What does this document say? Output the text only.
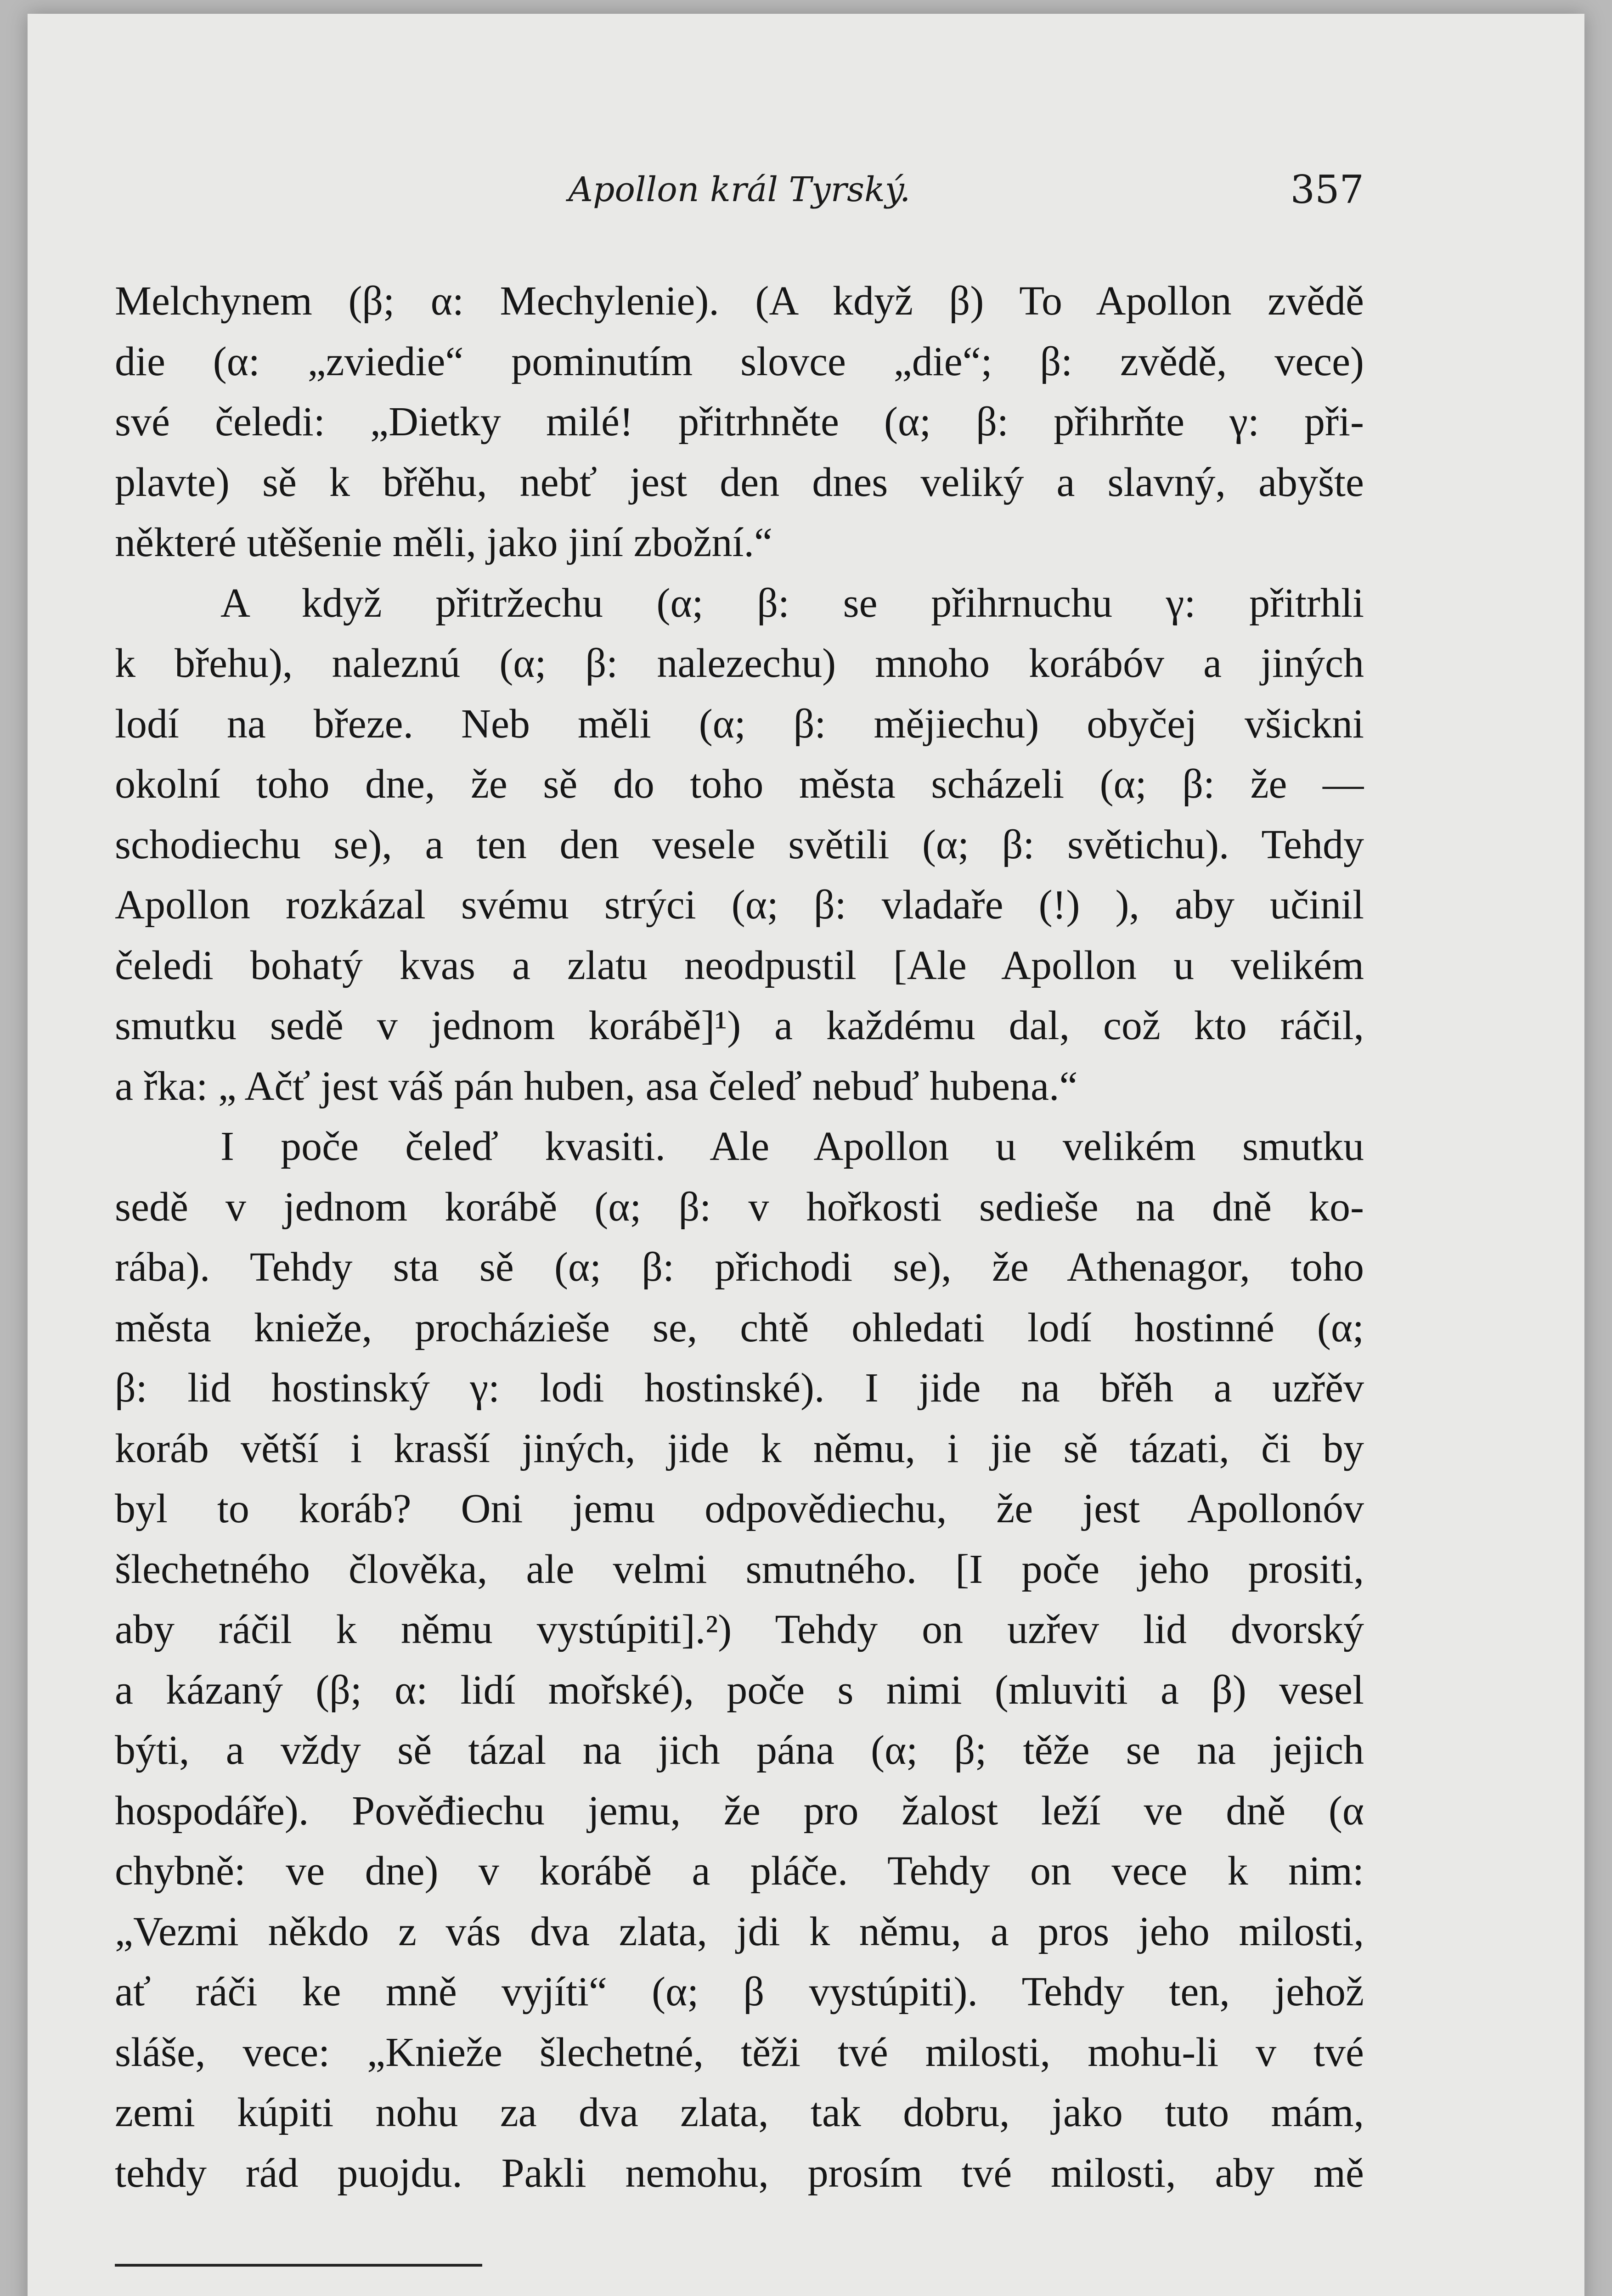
Apollon král Tyrský.	357
Melchynem (β; α: Mechylenie). (A když β) To Apollon zvědě
die (α: „zviedie“ pominutím slovce „die“; β: zvědě, vece)
své čeledi: „Dietky milé! přitrhněte (α; β: přihrňte γ: při-
plavte) sě k břěhu, nebť jest den dnes veliký a slavný, abyšte
některé utěšenie měli, jako jiní zbožní.“
A když přitržechu (α; β: se přihrnuchu γ: přitrhli
k břehu), naleznú (α; β: nalezechu) mnoho korábóv a jiných
lodí na březe. Neb měli (α; β: mějiechu) obyčej všickni
okolní toho dne, že sě do toho města scházeli (α; β: že —
schodiechu se), a ten den vesele světili (α; β: světichu). Tehdy
Apollon rozkázal svému strýci (α; β: vladaře (!) ), aby učinil
čeledi bohatý kvas a zlatu neodpustil [Ale Apollon u velikém
smutku sedě v jednom korábě]¹) a každému dal, což kto ráčil,
a řka: „ Ačť jest váš pán huben, asa čeleď nebuď hubena.“
I poče čeleď kvasiti. Ale Apollon u velikém smutku
sedě v jednom korábě (α; β: v hořkosti sedieše na dně ko-
rába). Tehdy sta sě (α; β: přichodi se), že Athenagor, toho
města knieže, procházieše se, chtě ohledati lodí hostinné (α;
β: lid hostinský γ: lodi hostinské). I jide na břěh a uzřěv
koráb větší i krasší jiných, jide k němu, i jie sě tázati, či by
byl to koráb? Oni jemu odpovědiechu, že jest Apollonóv
šlechetného člověka, ale velmi smutného. [I poče jeho prositi,
aby ráčil k němu vystúpiti].²) Tehdy on uzřev lid dvorský
a kázaný (β; α: lidí mořské), poče s nimi (mluviti a β) vesel
býti, a vždy sě tázal na jich pána (α; β; těže se na jejich
hospodáře). Pověđiechu jemu, že pro žalost leží ve dně (α
chybně: ve dne) v korábě a pláče. Tehdy on vece k nim:
„Vezmi někdo z vás dva zlata, jdi k němu, a pros jeho milosti,
ať ráči ke mně vyjíti“ (α; β vystúpiti). Tehdy ten, jehož
sláše, vece: „Knieže šlechetné, těži tvé milosti, mohu-li v tvé
zemi kúpiti nohu za dva zlata, tak dobru, jako tuto mám,
tehdy rád puojdu. Pakli nemohu, prosím tvé milosti, aby mě
